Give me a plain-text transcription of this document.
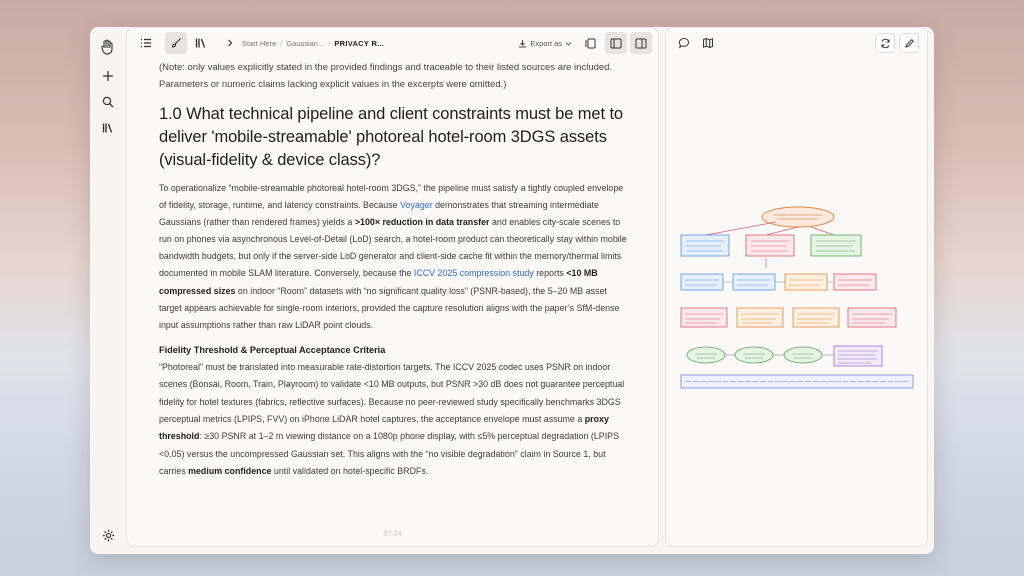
Start Here / Gaussian... / PRIVACY R...	Export as

(Note: only values explicitly stated in the provided findings and traceable to their listed sources are included. Parameters or numeric claims lacking explicit values in the excerpts were omitted.)

1.0 What technical pipeline and client constraints must be met to deliver 'mobile-streamable' photoreal hotel-room 3DGS assets (visual-fidelity & device class)?

To operationalize “mobile-streamable photoreal hotel-room 3DGS,” the pipeline must satisfy a tightly coupled envelope of fidelity, storage, runtime, and latency constraints. Because Voyager demonstrates that streaming intermediate Gaussians (rather than rendered frames) yields a >100× reduction in data transfer and enables city-scale scenes to run on phones via asynchronous Level-of-Detail (LoD) search, a hotel-room product can theoretically stay within mobile bandwidth budgets, but only if the server-side LoD generator and client-side cache fit within the memory/thermal limits documented in mobile SLAM literature. Conversely, because the ICCV 2025 compression study reports <10 MB compressed sizes on indoor “Room” datasets with “no significant quality loss” (PSNR-based), the 5–20 MB asset target appears achievable for single-room interiors, provided the capture resolution aligns with the paper’s SfM-dense input assumptions rather than raw LiDAR point clouds.

Fidelity Threshold & Perceptual Acceptance Criteria

“Photoreal” must be translated into measurable rate-distortion targets. The ICCV 2025 codec uses PSNR on indoor scenes (Bonsai, Room, Train, Playroom) to validate <10 MB outputs, but PSNR >30 dB does not guarantee perceptual fidelity for hotel textures (fabrics, reflective surfaces). Because no peer-reviewed study specifically benchmarks 3DGS perceptual metrics (LPIPS, FVV) on iPhone LiDAR hotel captures, the acceptance envelope must assume a proxy threshold: ≥30 PSNR at 1–2 m viewing distance on a 1080p phone display, with ≤5% perceptual degradation (LPIPS <0.05) versus the uncompressed Gaussian set. This aligns with the “no visible degradation” claim in Source 1, but carries medium confidence until validated on hotel-specific BRDFs.

3 / 24
